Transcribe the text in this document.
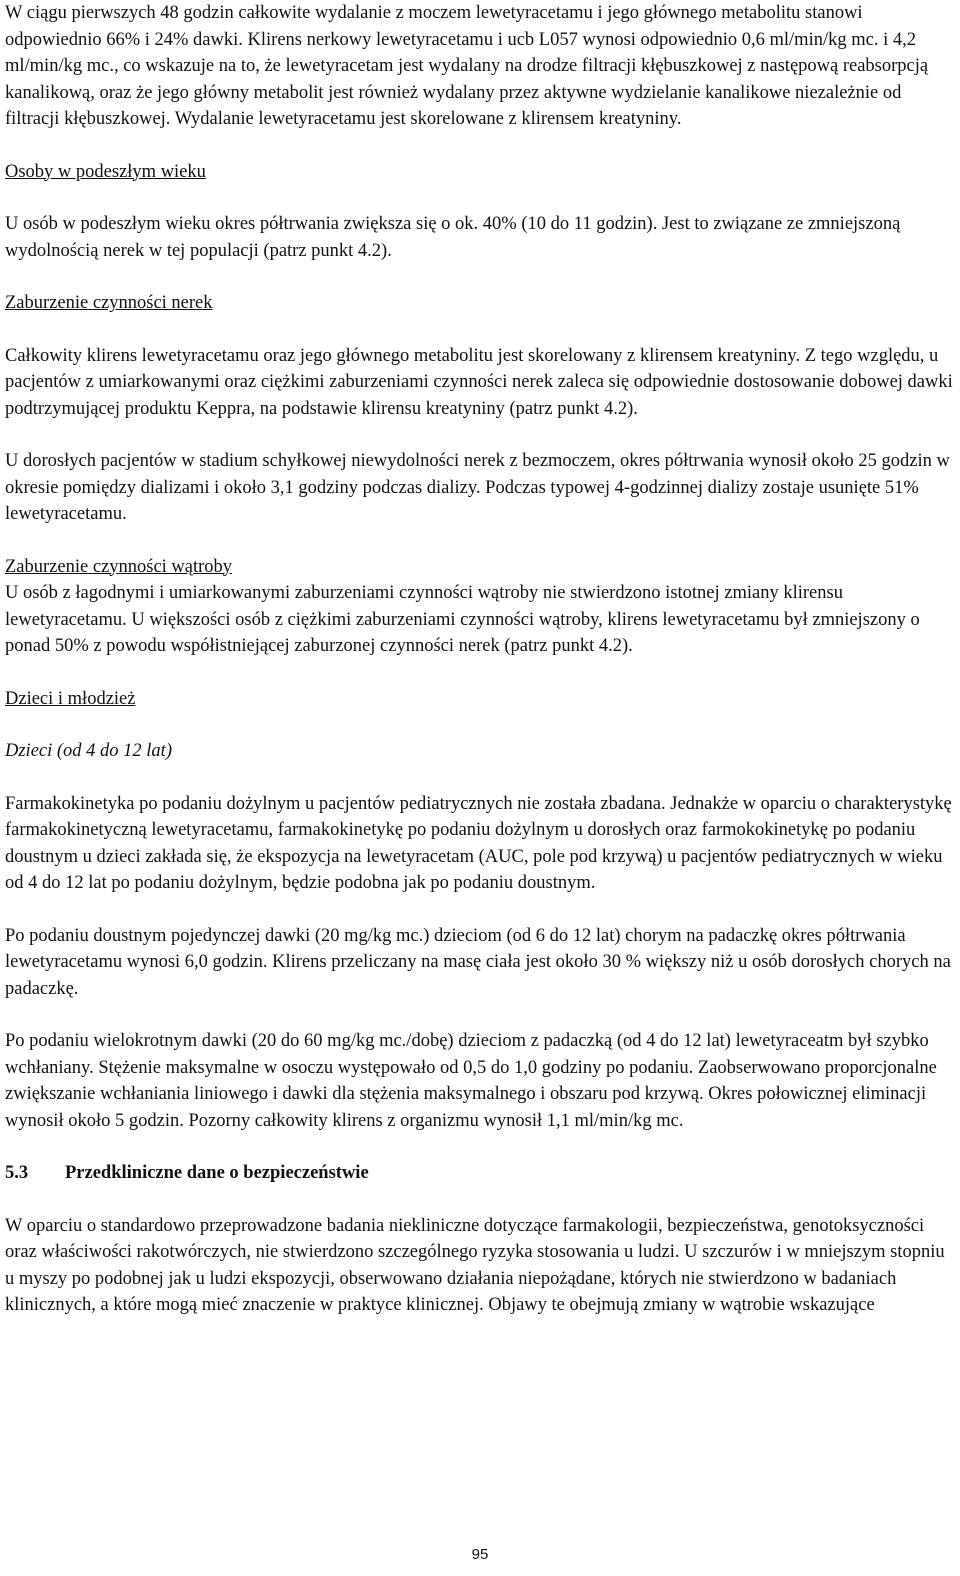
W ciągu pierwszych 48 godzin całkowite wydalanie z moczem lewetyracetamu i jego głównego metabolitu stanowi odpowiednio 66% i 24% dawki. Klirens nerkowy lewetyracetamu i ucb L057 wynosi odpowiednio 0,6 ml/min/kg mc. i 4,2 ml/min/kg mc., co wskazuje na to, że lewetyracetam jest wydalany na drodze filtracji kłębuszkowej z następową reabsorpcją kanalikową, oraz że jego główny metabolit jest również wydalany przez aktywne wydzielanie kanalikowe niezależnie od filtracji kłębuszkowej. Wydalanie lewetyracetamu jest skorelowane z klirensem kreatyniny.

Osoby w podeszłym wieku

U osób w podeszłym wieku okres półtrwania zwiększa się o ok. 40% (10 do 11 godzin). Jest to związane ze zmniejszoną wydolnością nerek w tej populacji (patrz punkt 4.2).

Zaburzenie czynności nerek

Całkowity klirens lewetyracetamu oraz jego głównego metabolitu jest skorelowany z klirensem kreatyniny. Z tego względu, u pacjentów z umiarkowanymi oraz ciężkimi zaburzeniami czynności nerek zaleca się odpowiednie dostosowanie dobowej dawki podtrzymującej produktu Keppra, na podstawie klirensu kreatyniny (patrz punkt 4.2).

U dorosłych pacjentów w stadium schyłkowej niewydolności nerek z bezmoczem, okres półtrwania wynosił około 25 godzin w okresie pomiędzy dializami i około 3,1 godziny podczas dializy. Podczas typowej 4-godzinnej dializy zostaje usunięte 51% lewetyracetamu.

Zaburzenie czynności wątroby

U osób z łagodnymi i umiarkowanymi zaburzeniami czynności wątroby nie stwierdzono istotnej zmiany klirensu lewetyracetamu. U większości osób z ciężkimi zaburzeniami czynności wątroby, klirens lewetyracetamu był zmniejszony o ponad 50% z powodu współistniejącej zaburzonej czynności nerek (patrz punkt 4.2).

Dzieci i młodzież

Dzieci (od 4 do 12 lat)

Farmakokinetyka po podaniu dożylnym u pacjentów pediatrycznych nie została zbadana. Jednakże w oparciu o charakterystykę farmakokinetyczną lewetyracetamu, farmakokinetykę po podaniu dożylnym u dorosłych oraz farmokokinetykę po podaniu doustnym u dzieci zakłada się, że ekspozycja na lewetyracetam (AUC, pole pod krzywą) u pacjentów pediatrycznych w wieku od 4 do 12 lat po podaniu dożylnym, będzie podobna jak po podaniu doustnym.

Po podaniu doustnym pojedynczej dawki (20 mg/kg mc.) dzieciom (od 6 do 12 lat) chorym na padaczkę okres półtrwania lewetyracetamu wynosi 6,0 godzin. Klirens przeliczany na masę ciała jest około 30 % większy niż u osób dorosłych chorych na padaczkę.

Po podaniu wielokrotnym dawki (20 do 60 mg/kg mc./dobę) dzieciom z padaczką (od 4 do 12 lat) lewetyraceatm był szybko wchłaniany. Stężenie maksymalne w osoczu występowało od 0,5 do 1,0 godziny po podaniu. Zaobserwowano proporcjonalne zwiększanie wchłaniania liniowego i dawki dla stężenia maksymalnego i obszaru pod krzywą. Okres połowicznej eliminacji wynosił około 5 godzin. Pozorny całkowity klirens z organizmu wynosił 1,1 ml/min/kg mc.

5.3	Przedkliniczne dane o bezpieczeństwie

W oparciu o standardowo przeprowadzone badania niekliniczne dotyczące farmakologii, bezpieczeństwa, genotoksyczności oraz właściwości rakotwórczych, nie stwierdzono szczególnego ryzyka stosowania u ludzi. U szczurów i w mniejszym stopniu u myszy po podobnej jak u ludzi ekspozycji, obserwowano działania niepożądane, których nie stwierdzono w badaniach klinicznych, a które mogą mieć znaczenie w praktyce klinicznej. Objawy te obejmują zmiany w wątrobie wskazujące

95
